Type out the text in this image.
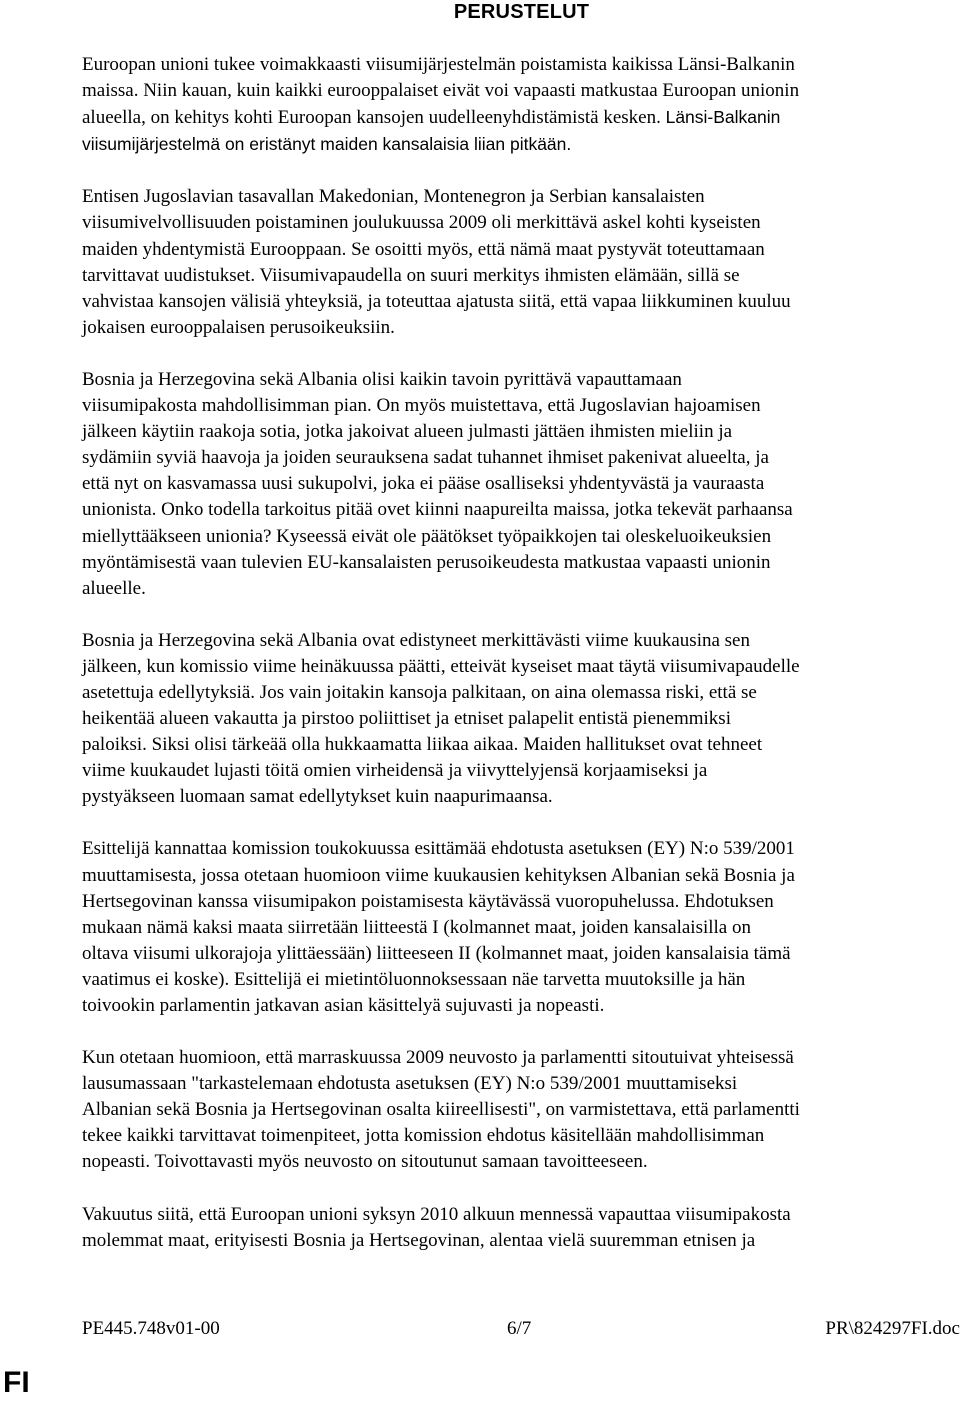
PERUSTELUT

Euroopan unioni tukee voimakkaasti viisumijärjestelmän poistamista kaikissa Länsi-Balkanin
maissa. Niin kauan, kuin kaikki eurooppalaiset eivät voi vapaasti matkustaa Euroopan unionin
alueella, on kehitys kohti Euroopan kansojen uudelleenyhdistämistä kesken. Länsi-Balkanin
viisumijärjestelmä on eristänyt maiden kansalaisia liian pitkään.

Entisen Jugoslavian tasavallan Makedonian, Montenegron ja Serbian kansalaisten
viisumivelvollisuuden poistaminen joulukuussa 2009 oli merkittävä askel kohti kyseisten
maiden yhdentymistä Eurooppaan. Se osoitti myös, että nämä maat pystyvät toteuttamaan
tarvittavat uudistukset. Viisumivapaudella on suuri merkitys ihmisten elämään, sillä se
vahvistaa kansojen välisiä yhteyksiä, ja toteuttaa ajatusta siitä, että vapaa liikkuminen kuuluu
jokaisen eurooppalaisen perusoikeuksiin.

Bosnia ja Herzegovina sekä Albania olisi kaikin tavoin pyrittävä vapauttamaan
viisumipakosta mahdollisimman pian. On myös muistettava, että Jugoslavian hajoamisen
jälkeen käytiin raakoja sotia, jotka jakoivat alueen julmasti jättäen ihmisten mieliin ja
sydämiin syviä haavoja ja joiden seurauksena sadat tuhannet ihmiset pakenivat alueelta, ja
että nyt on kasvamassa uusi sukupolvi, joka ei pääse osalliseksi yhdentyvästä ja vauraasta
unionista. Onko todella tarkoitus pitää ovet kiinni naapureilta maissa, jotka tekevät parhaansa
miellyttääkseen unionia? Kyseessä eivät ole päätökset työpaikkojen tai oleskeluoikeuksien
myöntämisestä vaan tulevien EU-kansalaisten perusoikeudesta matkustaa vapaasti unionin
alueelle.

Bosnia ja Herzegovina sekä Albania ovat edistyneet merkittävästi viime kuukausina sen
jälkeen, kun komissio viime heinäkuussa päätti, etteivät kyseiset maat täytä viisumivapaudelle
asetettuja edellytyksiä. Jos vain joitakin kansoja palkitaan, on aina olemassa riski, että se
heikentää alueen vakautta ja pirstoo poliittiset ja etniset palapelit entistä pienemmiksi
paloiksi. Siksi olisi tärkeää olla hukkaamatta liikaa aikaa. Maiden hallitukset ovat tehneet
viime kuukaudet lujasti töitä omien virheidensä ja viivyttelyjensä korjaamiseksi ja
pystyäkseen luomaan samat edellytykset kuin naapurimaansa.

Esittelijä kannattaa komission toukokuussa esittämää ehdotusta asetuksen (EY) N:o 539/2001
muuttamisesta, jossa otetaan huomioon viime kuukausien kehityksen Albanian sekä Bosnia ja
Hertsegovinan kanssa viisumipakon poistamisesta käytävässä vuoropuhelussa. Ehdotuksen
mukaan nämä kaksi maata siirretään liitteestä I (kolmannet maat, joiden kansalaisilla on
oltava viisumi ulkorajoja ylittäessään) liitteeseen II (kolmannet maat, joiden kansalaisia tämä
vaatimus ei koske). Esittelijä ei mietintöluonnoksessaan näe tarvetta muutoksille ja hän
toivookin parlamentin jatkavan asian käsittelyä sujuvasti ja nopeasti.

Kun otetaan huomioon, että marraskuussa 2009 neuvosto ja parlamentti sitoutuivat yhteisessä
lausumassaan "tarkastelemaan ehdotusta asetuksen (EY) N:o 539/2001 muuttamiseksi
Albanian sekä Bosnia ja Hertsegovinan osalta kiireellisesti", on varmistettava, että parlamentti
tekee kaikki tarvittavat toimenpiteet, jotta komission ehdotus käsitellään mahdollisimman
nopeasti. Toivottavasti myös neuvosto on sitoutunut samaan tavoitteeseen.

Vakuutus siitä, että Euroopan unioni syksyn 2010 alkuun mennessä vapauttaa viisumipakosta
molemmat maat, erityisesti Bosnia ja Hertsegovinan, alentaa vielä suuremman etnisen ja

PE445.748v01-00	6/7	PR\824297FI.doc
FI
